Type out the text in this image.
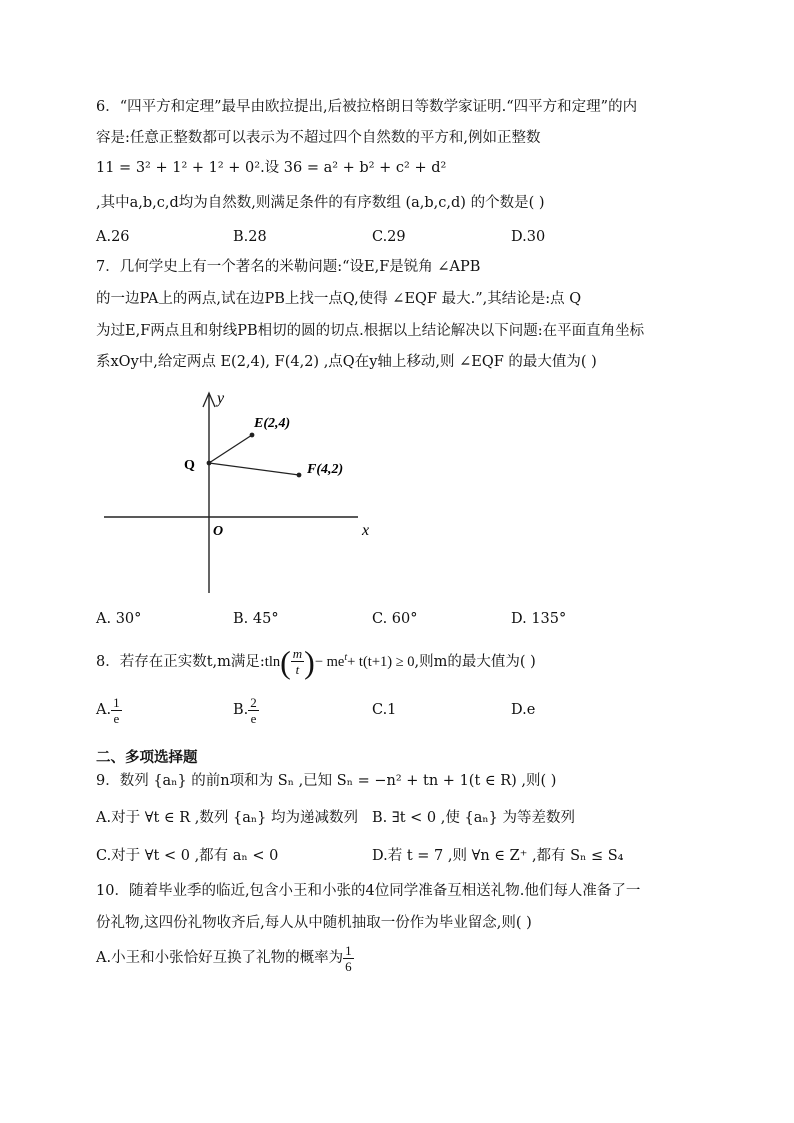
6．“四平方和定理”最早由欧拉提出,后被拉格朗日等数学家证明.“四平方和定理”的内
容是:任意正整数都可以表示为不超过四个自然数的平方和,例如正整数
11 = 3² + 1² + 1² + 0².设 36 = a² + b² + c² + d²
,其中a,b,c,d均为自然数,则满足条件的有序数组 (a,b,c,d) 的个数是( )
A.26	B.28	C.29	D.30
7．几何学史上有一个著名的米勒问题:“设E,F是锐角 ∠APB
的一边PA上的两点,试在边PB上找一点Q,使得 ∠EQF 最大.”,其结论是:点 Q
为过E,F两点且和射线PB相切的圆的切点.根据以上结论解决以下问题:在平面直角坐标
系xOy中,给定两点 E(2,4), F(4,2) ,点Q在y轴上移动,则 ∠EQF 的最大值为( )
y
x
O
Q
E(2,4)
F(4,2)
A. 30°	B. 45°	C. 60°	D. 135°
8．若存在正实数t,m满足:tln( $\frac{m}{t}$ )− $me^t+ t(t+1) \ge 0$,则m的最大值为( )
A. $\frac{1}{e}$	B. $\frac{2}{e}$	C.1	D.e
二、多项选择题
9．数列 {aₙ} 的前n项和为 Sₙ ,已知 Sₙ = −n² + tn + 1(t ∈ R) ,则( )
A.对于 ∀t ∈ R ,数列 {aₙ} 均为递减数列 B. ∃t < 0 ,使 {aₙ} 为等差数列
C.对于 ∀t < 0 ,都有 aₙ < 0	D.若 t = 7 ,则 ∀n ∈ Z⁺ ,都有 Sₙ ≤ S₄
10．随着毕业季的临近,包含小王和小张的4位同学准备互相送礼物.他们每人准备了一
份礼物,这四份礼物收齐后,每人从中随机抽取一份作为毕业留念,则( )
A.小王和小张恰好互换了礼物的概率为 $\frac{1}{6}$
